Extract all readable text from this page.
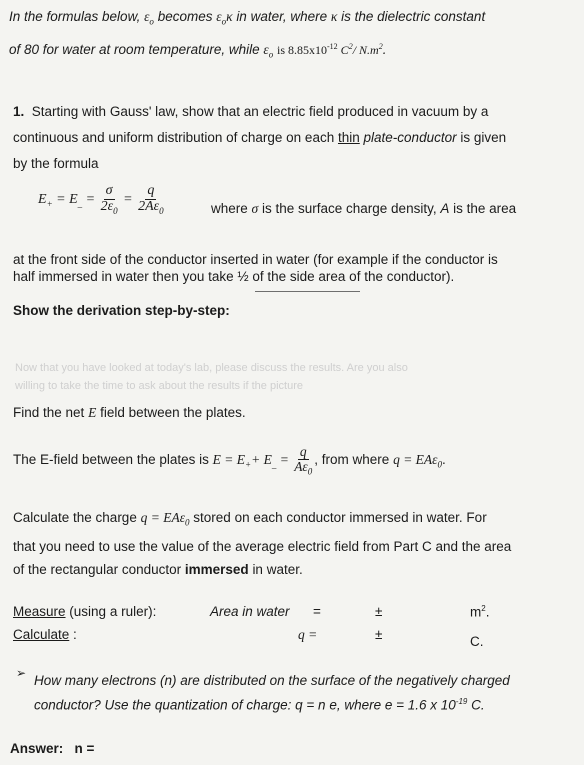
In the formulas below, $\varepsilon_o$ becomes $\varepsilon_o\kappa$ in water, where κ is the dielectric constant
of 80 for water at room temperature, while $\varepsilon_o$ is $8.85x10^{-12}$ $C^2/$ $N.m^2$.
1. Starting with Gauss' law, show that an electric field produced in vacuum by a
continuous and uniform distribution of charge on each thin plate-conductor is given
by the formula
$E_+ = E_{\_} = \frac{\sigma}{2\varepsilon_0} = \frac{q}{2A\varepsilon_0}$	where σ is the surface charge density, A is the area
at the front side of the conductor inserted in water (for example if the conductor is
half immersed in water then you take ½ of the side area of the conductor).
Show the derivation step-by-step:
Now that you have looked at today's lab, please discuss the results. Are you also
willing to take the time to ask about the results if the picture
Find the net E field between the plates.
The E-field between the plates is $E = E_++ E_{\_} = \frac{q}{A\varepsilon_0}$ , from where q = EAε$_0$.
Calculate the charge q = EAε$_0$ stored on each conductor immersed in water. For
that you need to use the value of the average electric field from Part C and the area
of the rectangular conductor immersed in water.
Measure (using a ruler):	Area in water =	±	$m^2$.
Calculate :	q =	±	C.
➢ How many electrons (n) are distributed on the surface of the negatively charged
conductor? Use the quantization of charge: q = n e, where e = 1.6 x $10^{-19}$ C.
Answer: n =
